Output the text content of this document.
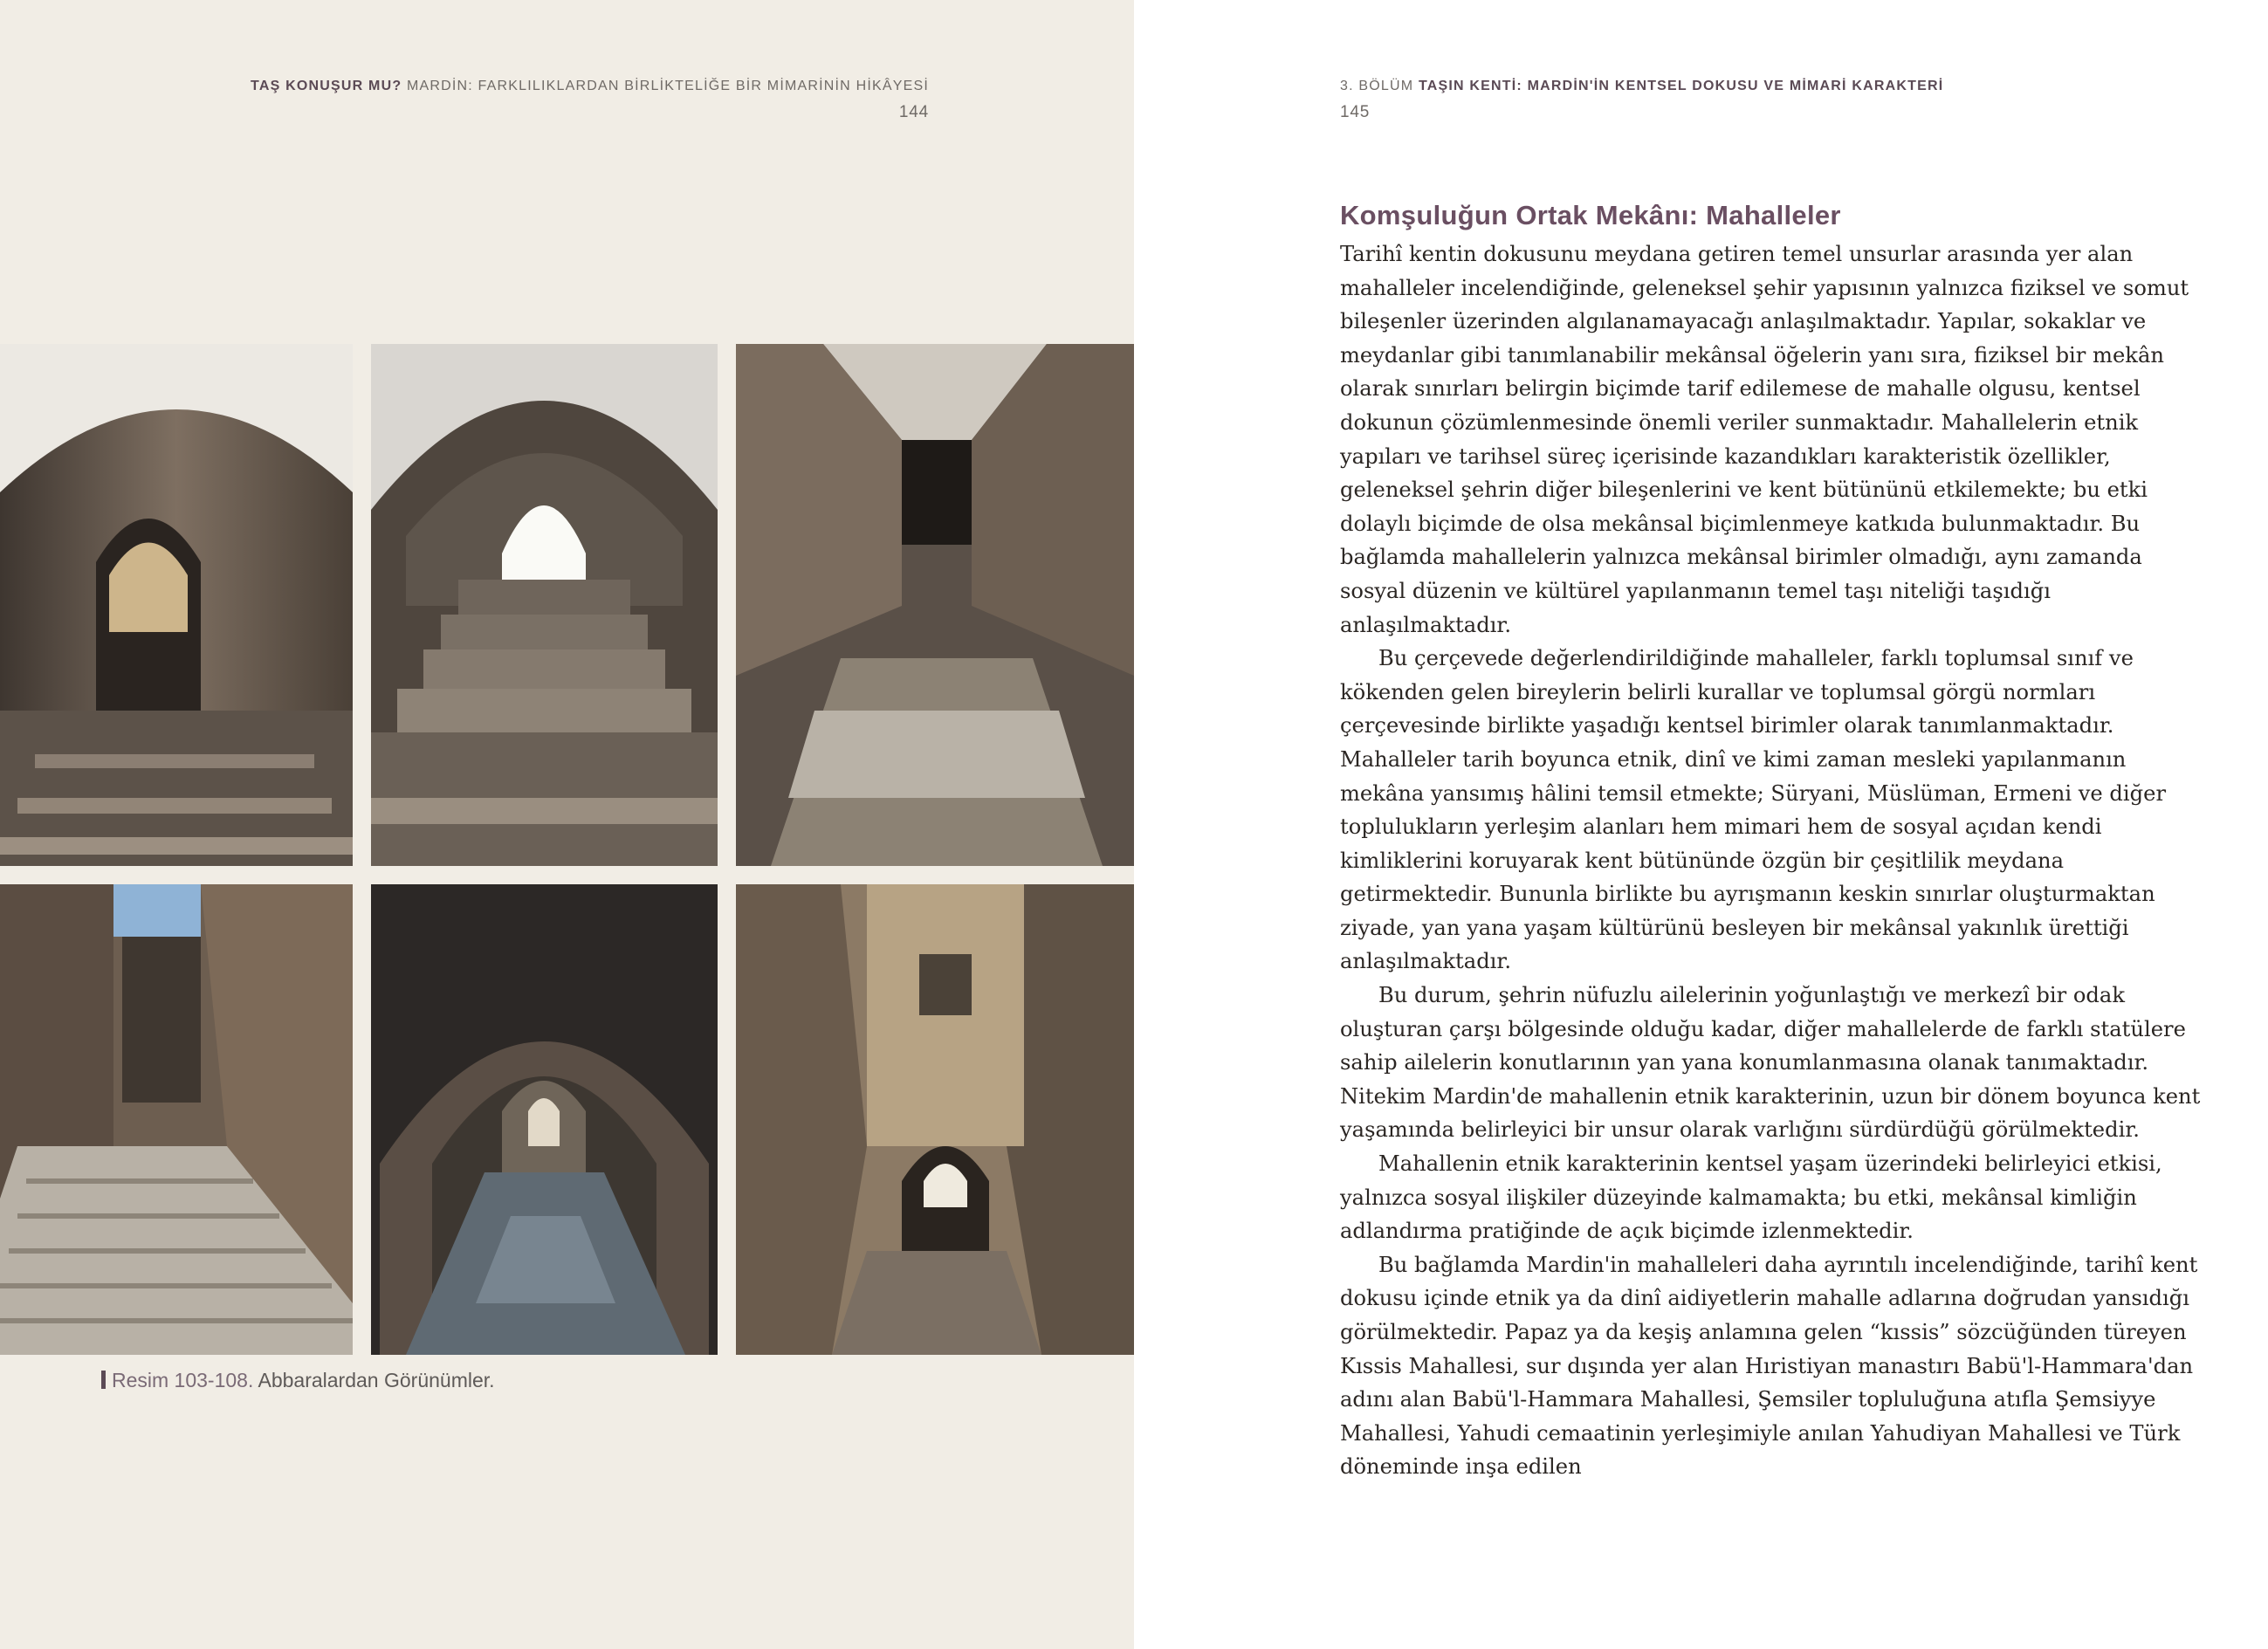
TAŞ KONUŞUR MU? MARDİN: FARKLILIKLARDAN BİRLİKTELİĞE BİR MİMARİNİN HİKÂYESİ
144
Resim 103-108. Abbaralardan Görünümler.
3. BÖLÜM TAŞIN KENTİ: MARDİN'İN KENTSEL DOKUSU VE MİMARİ KARAKTERİ
145
Komşuluğun Ortak Mekânı: Mahalleler

Tarihî kentin dokusunu meydana getiren temel unsurlar arasında yer alan mahalleler incelendiğinde, geleneksel şehir yapısının yalnızca fiziksel ve somut bileşenler üzerinden algılanamayacağı anlaşılmaktadır. Yapılar, sokaklar ve meydanlar gibi tanımlanabilir mekânsal öğelerin yanı sıra, fiziksel bir mekân olarak sınırları belirgin biçimde tarif edilemese de mahalle olgusu, kentsel dokunun çözümlenmesinde önemli veriler sunmaktadır. Mahallelerin etnik yapıları ve tarihsel süreç içerisinde kazandıkları karakteristik özellikler, geleneksel şehrin diğer bileşenlerini ve kent bütününü etkilemekte; bu etki dolaylı biçimde de olsa mekânsal biçimlenmeye katkıda bulunmaktadır. Bu bağlamda mahallelerin yalnızca mekânsal birimler olmadığı, aynı zamanda sosyal düzenin ve kültürel yapılanmanın temel taşı niteliği taşıdığı anlaşılmaktadır.

Bu çerçevede değerlendirildiğinde mahalleler, farklı toplumsal sınıf ve kökenden gelen bireylerin belirli kurallar ve toplumsal görgü normları çerçevesinde birlikte yaşadığı kentsel birimler olarak tanımlanmaktadır. Mahalleler tarih boyunca etnik, dinî ve kimi zaman mesleki yapılanmanın mekâna yansımış hâlini temsil etmekte; Süryani, Müslüman, Ermeni ve diğer toplulukların yerleşim alanları hem mimari hem de sosyal açıdan kendi kimliklerini koruyarak kent bütününde özgün bir çeşitlilik meydana getirmektedir. Bununla birlikte bu ayrışmanın keskin sınırlar oluşturmaktan ziyade, yan yana yaşam kültürünü besleyen bir mekânsal yakınlık ürettiği anlaşılmaktadır.

Bu durum, şehrin nüfuzlu ailelerinin yoğunlaştığı ve merkezî bir odak oluşturan çarşı bölgesinde olduğu kadar, diğer mahallelerde de farklı statülere sahip ailelerin konutlarının yan yana konumlanmasına olanak tanımaktadır. Nitekim Mardin'de mahallenin etnik karakterinin, uzun bir dönem boyunca kent yaşamında belirleyici bir unsur olarak varlığını sürdürdüğü görülmektedir.

Mahallenin etnik karakterinin kentsel yaşam üzerindeki belirleyici etkisi, yalnızca sosyal ilişkiler düzeyinde kalmamakta; bu etki, mekânsal kimliğin adlandırma pratiğinde de açık biçimde izlenmektedir.

Bu bağlamda Mardin'in mahalleleri daha ayrıntılı incelendiğinde, tarihî kent dokusu içinde etnik ya da dinî aidiyetlerin mahalle adlarına doğrudan yansıdığı görülmektedir. Papaz ya da keşiş anlamına gelen “kıssis” sözcüğünden türeyen Kıssis Mahallesi, sur dışında yer alan Hıristiyan manastırı Babü'l-Hammara'dan adını alan Babü'l-Hammara Mahallesi, Şemsiler topluluğuna atıfla Şemsiyye Mahallesi, Yahudi cemaatinin yerleşimiyle anılan Yahudiyan Mahallesi ve Türk döneminde inşa edilen
